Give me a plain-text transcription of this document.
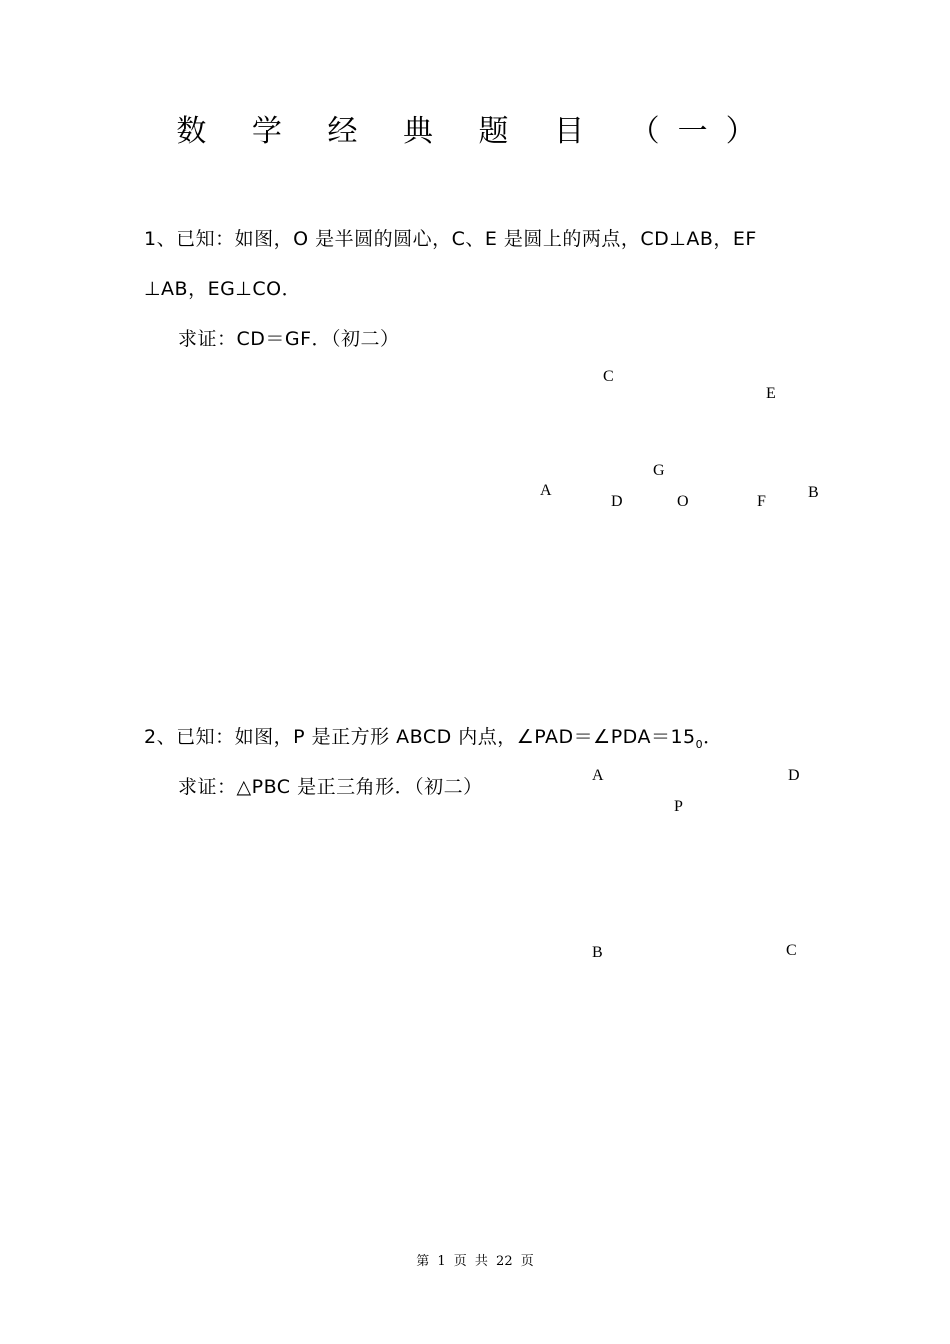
数 学 经 典 题 目 （一）
1、已知：如图，O 是半圆的圆心，C、E 是圆上的两点，CD⊥AB，EF
⊥AB，EG⊥CO．
求证：CD＝GF．（初二）
C
E
G
A
D	O	F
B
2、已知：如图，P 是正方形 ABCD 内点，$\angle PAD=\angle PDA=15_0$．
求证：△PBC 是正三角形．（初二）
A	D
P
B	C
第 1 页 共 22 页
